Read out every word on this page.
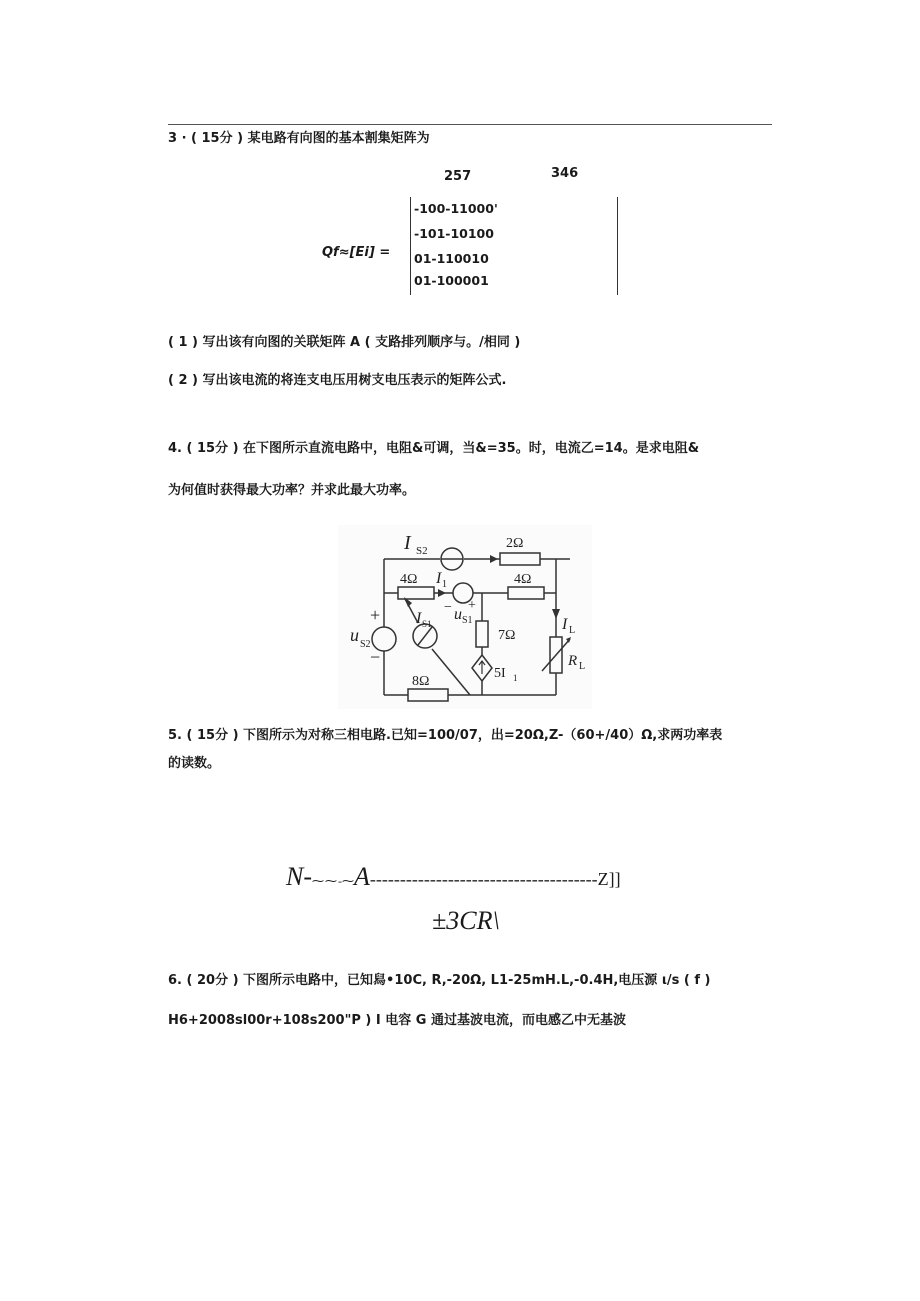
3 · ( 15分 ) 某电路有向图的基本割集矩阵为
257	346
Qf≈[Ei] =
-100-11000'
-101-10100
01-110010
01-100001
( 1 ) 写出该有向图的关联矩阵 A ( 支路排列顺序与。/相同 )
( 2 ) 写出该电流的将连支电压用树支电压表示的矩阵公式.
4. ( 15分 ) 在下图所示直流电路中，电阻&可调，当&=35。时，电流乙=14。是求电阻&
为何值时获得最大功率？并求此最大功率。
I S2	2Ω
4Ω I 1	4Ω
− +
u S1
I S1
+
u S2
−
7Ω
I L
R L
5I 1
8Ω
5. ( 15分 ) 下图所示为对称三相电路.已知=100/07，出=20Ω,Z-（60+/40）Ω,求两功率表
的读数。
N-⁓⁓-⁓A--------------------------------------Z]]
±3CR\
6. ( 20分 ) 下图所示电路中，已知舄•10C, R,-20Ω, L1-25mH.L,-0.4H,电压源 ι/s ( f )
H6+2008sl00r+108s200"P ) I 电容 G 通过基波电流，而电感乙中无基波
